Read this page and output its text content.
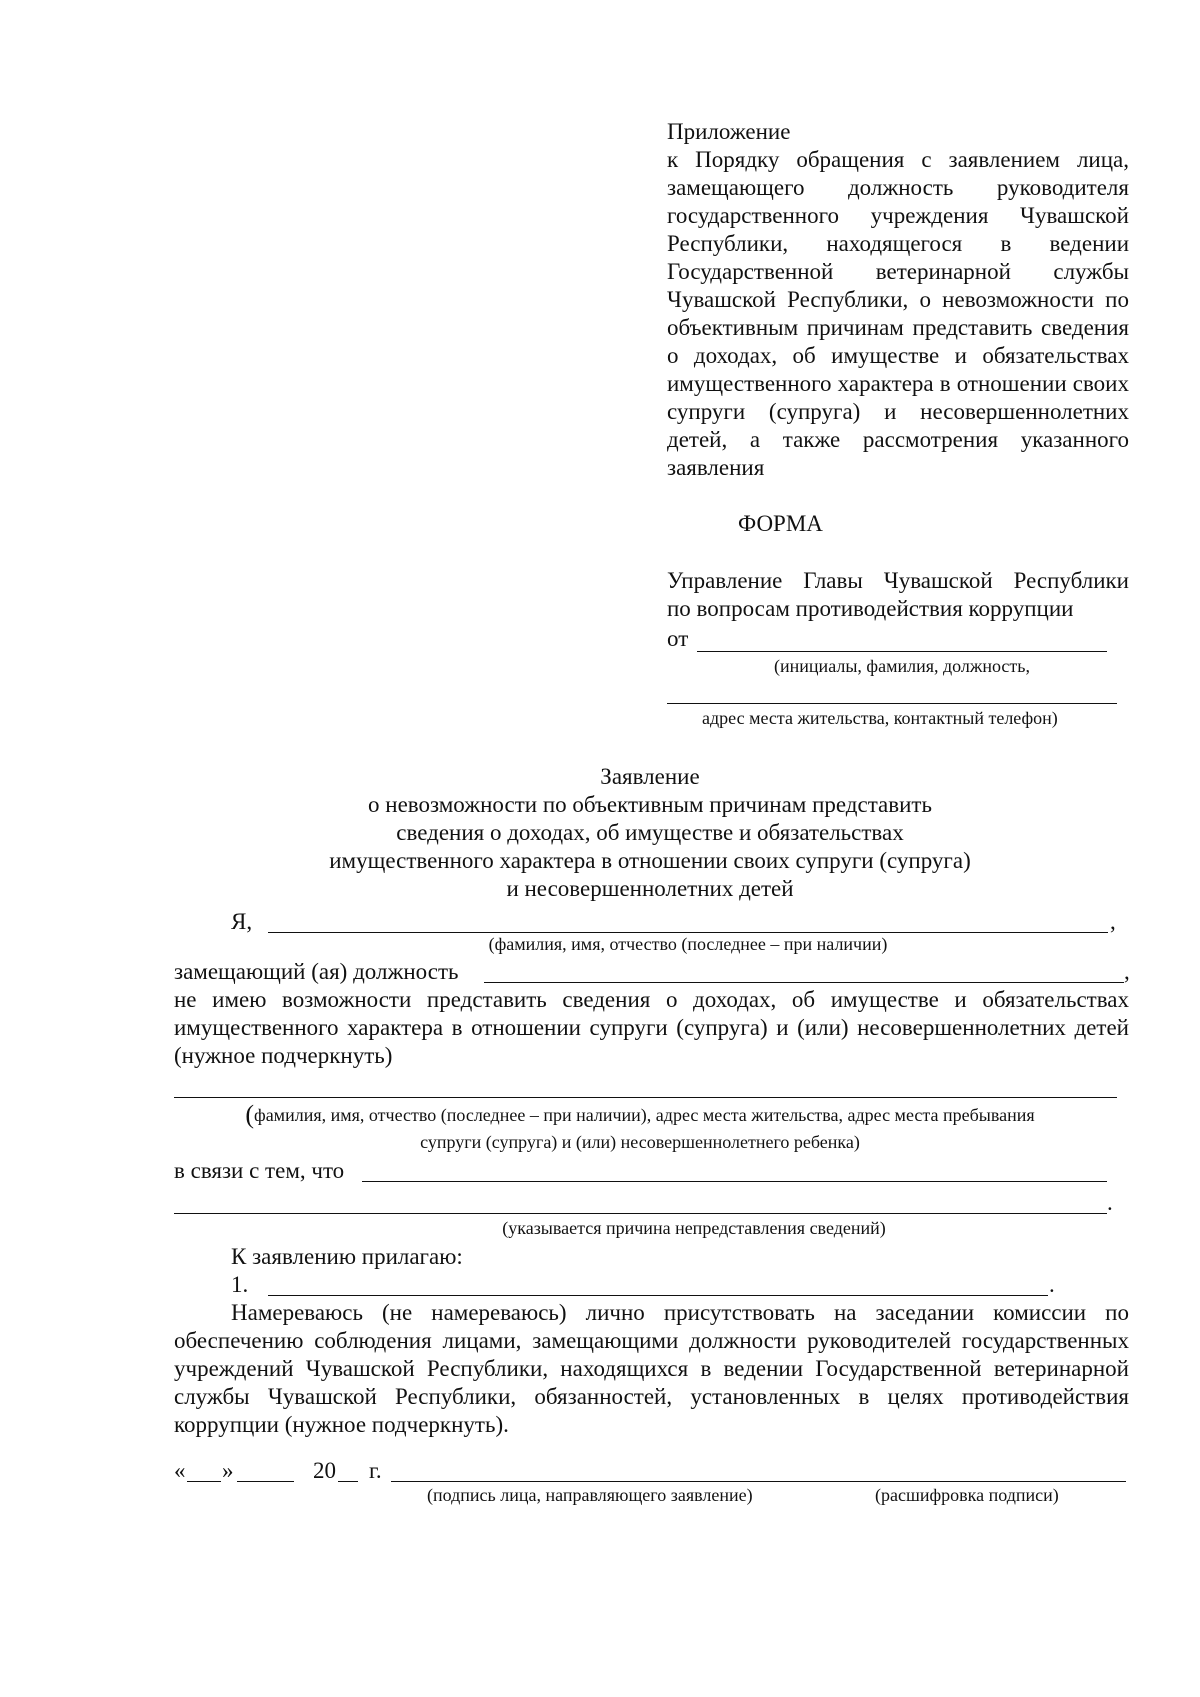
Приложение

к Порядку обращения с заявлением лица, замещающего должность руководителя государственного учреждения Чувашской Республики, находящегося в ведении Государственной ветеринарной службы Чувашской Республики, о невозможности по объективным причинам представить сведения о доходах, об имуществе и обязательствах имущественного характера в отношении своих супруги (супруга) и несовершеннолетних детей, а также рассмотрения указанного заявления

ФОРМА
Управление Главы Чувашской Республики
по вопросам противодействия коррупции
от
(инициалы, фамилия, должность,
адрес места жительства, контактный телефон)
Заявление
о невозможности по объективным причинам представить
сведения о доходах, об имуществе и обязательствах
имущественного характера в отношении своих супруги (супруга)
и несовершеннолетних детей
Я,	,
(фамилия, имя, отчество (последнее – при наличии)
замещающий (ая) должность	,

не имею возможности представить сведения о доходах, об имуществе и обязательствах имущественного характера в отношении супруги (супруга) и (или) несовершеннолетних детей (нужное подчеркнуть)

(фамилия, имя, отчество (последнее – при наличии), адрес места жительства, адрес места пребывания
супруги (супруга) и (или) несовершеннолетнего ребенка)
в связи с тем, что
.
(указывается причина непредставления сведений)
К заявлению прилагаю:
1.	.

Намереваюсь (не намереваюсь) лично присутствовать на заседании комиссии по обеспечению соблюдения лицами, замещающими должности руководителей государственных учреждений Чувашской Республики, находящихся в ведении Государственной ветеринарной службы Чувашской Республики, обязанностей, установленных в целях противодействия коррупции (нужное подчеркнуть).

« »	20 г.
(подпись лица, направляющего заявление)	(расшифровка подписи)
